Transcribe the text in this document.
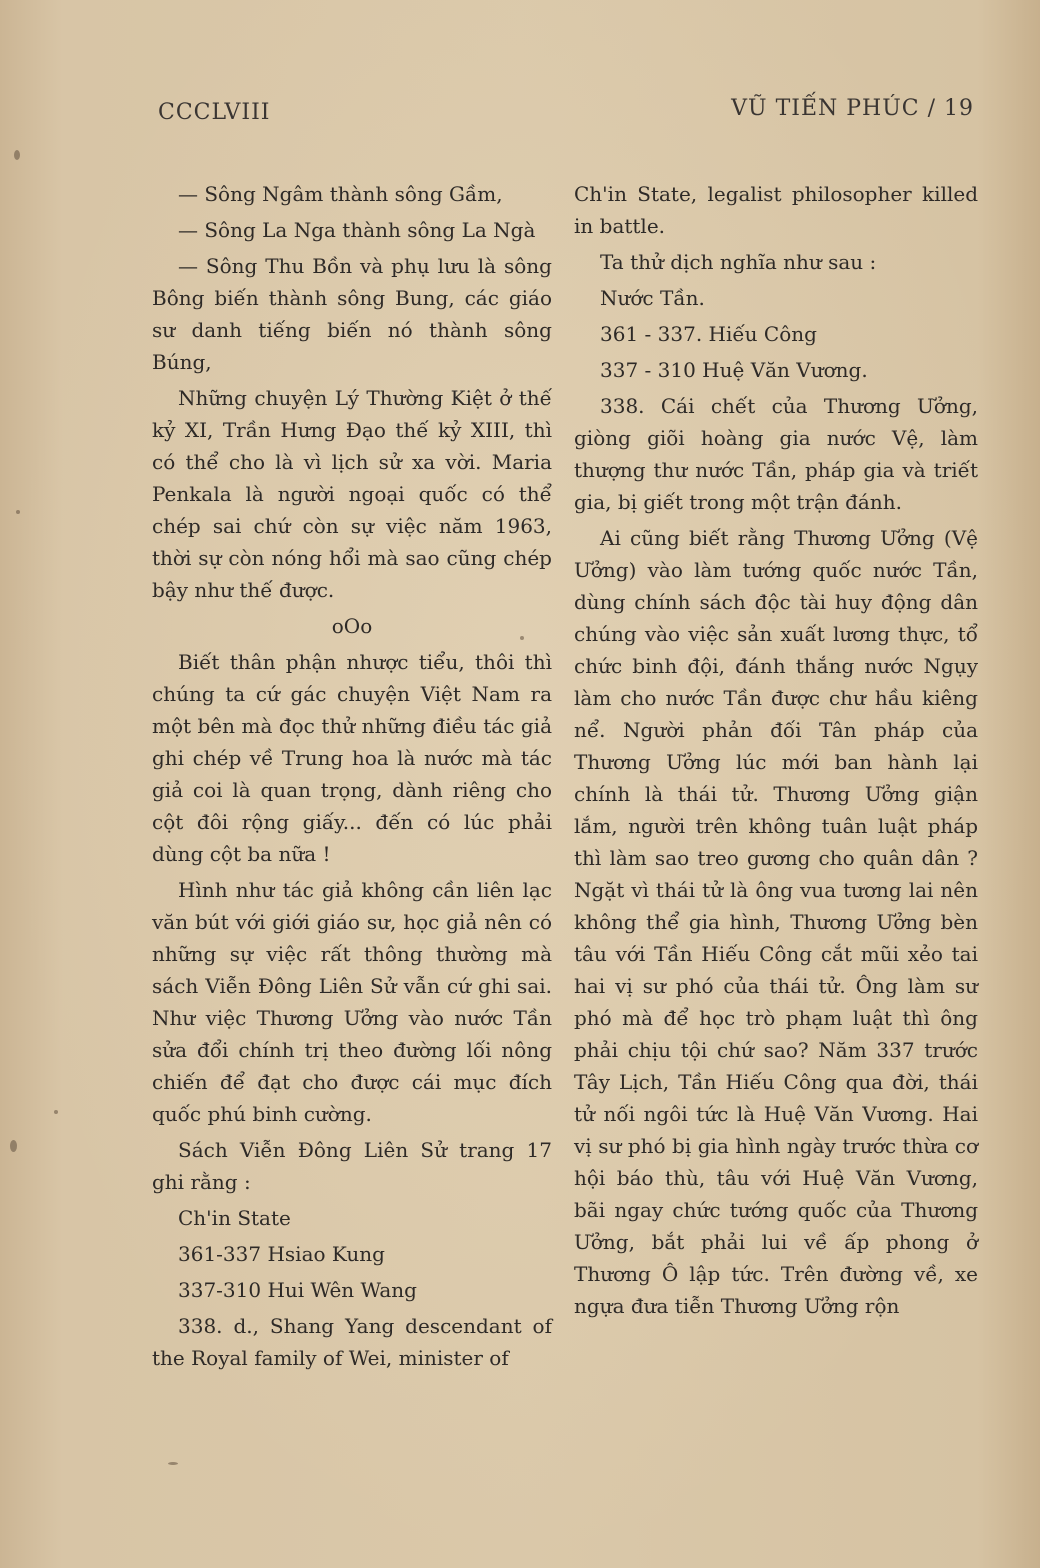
CCCLVIII	VŨ TIẾN PHÚC / 19

— Sông Ngâm thành sông Gầm,

— Sông La Nga thành sông La Ngà

— Sông Thu Bồn và phụ lưu là sông Bông biến thành sông Bung, các giáo sư danh tiếng biến nó thành sông Búng,

Những chuyện Lý Thường Kiệt ở thế kỷ XI, Trần Hưng Đạo thế kỷ XIII, thì có thể cho là vì lịch sử xa vời. Maria Penkala là người ngoại quốc có thể chép sai chứ còn sự việc năm 1963, thời sự còn nóng hổi mà sao cũng chép bậy như thế được.

oOo

Biết thân phận nhược tiểu, thôi thì chúng ta cứ gác chuyện Việt Nam ra một bên mà đọc thử những điều tác giả ghi chép về Trung hoa là nước mà tác giả coi là quan trọng, dành riêng cho cột đôi rộng giấy... đến có lúc phải dùng cột ba nữa !

Hình như tác giả không cần liên lạc văn bút với giới giáo sư, học giả nên có những sự việc rất thông thường mà sách Viễn Đông Liên Sử vẫn cứ ghi sai. Như việc Thương Ưởng vào nước Tần sửa đổi chính trị theo đường lối nông chiến để đạt cho được cái mục đích quốc phú binh cường.

Sách Viễn Đông Liên Sử trang 17 ghi rằng :

Ch'in State

361-337 Hsiao Kung

337-310 Hui Wên Wang

338. d., Shang Yang descendant of the Royal family of Wei, minister of

Ch'in State, legalist philosopher killed in battle.

Ta thử dịch nghĩa như sau :

Nước Tần.

361 - 337. Hiếu Công

337 - 310 Huệ Văn Vương.

338. Cái chết của Thương Ưởng, giòng giõi hoàng gia nước Vệ, làm thượng thư nước Tần, pháp gia và triết gia, bị giết trong một trận đánh.

Ai cũng biết rằng Thương Ưởng (Vệ Ưởng) vào làm tướng quốc nước Tần, dùng chính sách độc tài huy động dân chúng vào việc sản xuất lương thực, tổ chức binh đội, đánh thắng nước Ngụy làm cho nước Tần được chư hầu kiêng nể. Người phản đối Tân pháp của Thương Ưởng lúc mới ban hành lại chính là thái tử. Thương Ưởng giận lắm, người trên không tuân luật pháp thì làm sao treo gương cho quân dân ? Ngặt vì thái tử là ông vua tương lai nên không thể gia hình, Thương Ưởng bèn tâu với Tần Hiếu Công cắt mũi xẻo tai hai vị sư phó của thái tử. Ông làm sư phó mà để học trò phạm luật thì ông phải chịu tội chứ sao? Năm 337 trước Tây Lịch, Tần Hiếu Công qua đời, thái tử nối ngôi tức là Huệ Văn Vương. Hai vị sư phó bị gia hình ngày trước thừa cơ hội báo thù, tâu với Huệ Văn Vương, bãi ngay chức tướng quốc của Thương Ưởng, bắt phải lui về ấp phong ở Thương Ô lập tức. Trên đường về, xe ngựa đưa tiễn Thương Ưởng rộn
